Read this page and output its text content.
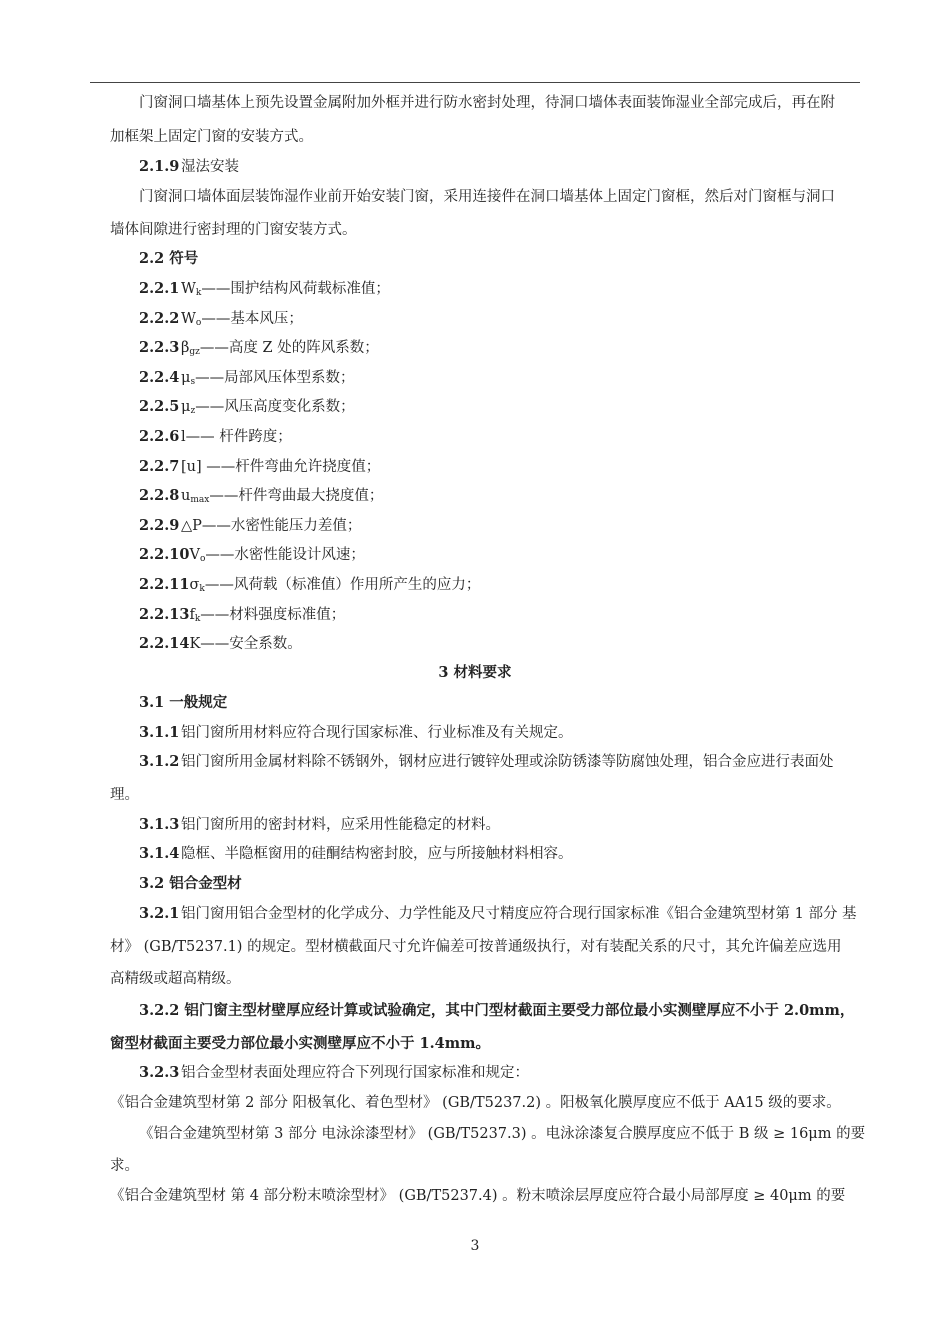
门窗洞口墙基体上预先设置金属附加外框并进行防水密封处理，待洞口墙体表面装饰湿业全部完成后，再在附
加框架上固定门窗的安装方式。
2.1.9 湿法安装
门窗洞口墙体面层装饰湿作业前开始安装门窗，采用连接件在洞口墙基体上固定门窗框，然后对门窗框与洞口
墙体间隙进行密封理的门窗安装方式。
2.2 符号
2.2.1 $W_k——$围护结构风荷载标准值；
2.2.2 $W_o——$基本风压；
2.2.3 $\beta_{gz}——$高度 Z 处的阵风系数；
2.2.4 $\mu_s——$局部风压体型系数；
2.2.5 $\mu_z——$风压高度变化系数；
2.2.6 l—— 杆件跨度；
2.2.7 [u] ——杆件弯曲允许挠度值；
2.2.8 $u_{max}——$杆件弯曲最大挠度值；
2.2.9 △P——水密性能压力差值；
$2.2.10V_o——$水密性能设计风速；
$2.2.11\sigma_k——$风荷载（标准值）作用所产生的应力；
$2.2.13f_k——$材料强度标准值；
2.2.14K——安全系数。
3 材料要求
3.1 一般规定
3.1.1 铝门窗所用材料应符合现行国家标准、行业标准及有关规定。
3.1.2 铝门窗所用金属材料除不锈钢外，钢材应进行镀锌处理或涂防锈漆等防腐蚀处理，铝合金应进行表面处
理。
3.1.3 铝门窗所用的密封材料，应采用性能稳定的材料。
3.1.4 隐框、半隐框窗用的硅酮结构密封胶，应与所接触材料相容。
3.2 铝合金型材
3.2.1 铝门窗用铝合金型材的化学成分、力学性能及尺寸精度应符合现行国家标准《铝合金建筑型材第 1 部分 基
材》 (GB/T5237.1) 的规定。型材横截面尺寸允许偏差可按普通级执行，对有装配关系的尺寸，其允许偏差应选用
高精级或超高精级。
3.2.2 铝门窗主型材壁厚应经计算或试验确定，其中门型材截面主要受力部位最小实测壁厚应不小于 2.0mm，
窗型材截面主要受力部位最小实测壁厚应不小于 1.4mm。
3.2.3 铝合金型材表面处理应符合下列现行国家标准和规定：
《铝合金建筑型材第 2 部分 阳极氧化、着色型材》 (GB/T5237.2) 。阳极氧化膜厚度应不低于 AA15 级的要求。
《铝合金建筑型材第 3 部分 电泳涂漆型材》 (GB/T5237.3) 。电泳涂漆复合膜厚度应不低于 B 级 ≥ 16μm 的要
求。
《铝合金建筑型材 第 4 部分粉末喷涂型材》 (GB/T5237.4) 。粉末喷涂层厚度应符合最小局部厚度 ≥ 40μm 的要
3
